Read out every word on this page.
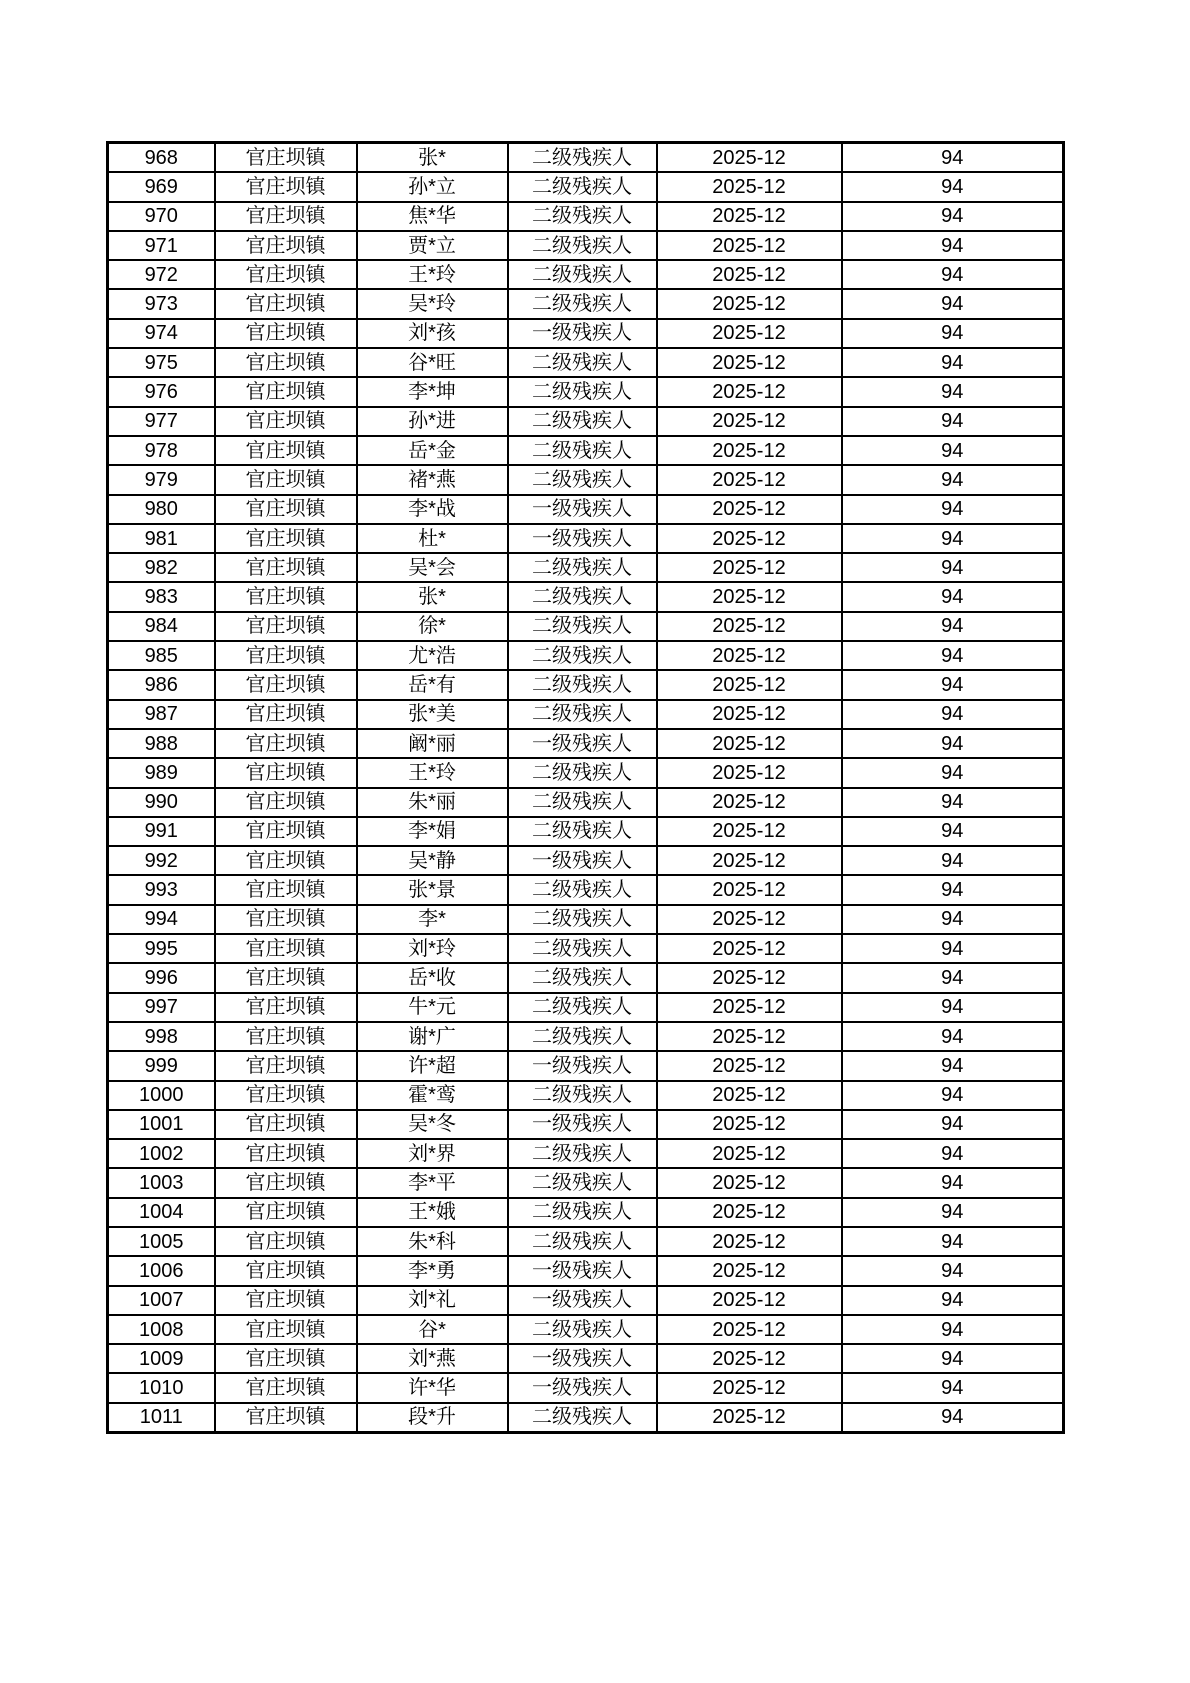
968	官庄坝镇	张*	二级残疾人	2025-12	94
969	官庄坝镇	孙*立	二级残疾人	2025-12	94
970	官庄坝镇	焦*华	二级残疾人	2025-12	94
971	官庄坝镇	贾*立	二级残疾人	2025-12	94
972	官庄坝镇	王*玲	二级残疾人	2025-12	94
973	官庄坝镇	吴*玲	二级残疾人	2025-12	94
974	官庄坝镇	刘*孩	一级残疾人	2025-12	94
975	官庄坝镇	谷*旺	二级残疾人	2025-12	94
976	官庄坝镇	李*坤	二级残疾人	2025-12	94
977	官庄坝镇	孙*进	二级残疾人	2025-12	94
978	官庄坝镇	岳*金	二级残疾人	2025-12	94
979	官庄坝镇	褚*燕	二级残疾人	2025-12	94
980	官庄坝镇	李*战	一级残疾人	2025-12	94
981	官庄坝镇	杜*	一级残疾人	2025-12	94
982	官庄坝镇	吴*会	二级残疾人	2025-12	94
983	官庄坝镇	张*	二级残疾人	2025-12	94
984	官庄坝镇	徐*	二级残疾人	2025-12	94
985	官庄坝镇	尤*浩	二级残疾人	2025-12	94
986	官庄坝镇	岳*有	二级残疾人	2025-12	94
987	官庄坝镇	张*美	二级残疾人	2025-12	94
988	官庄坝镇	阚*丽	一级残疾人	2025-12	94
989	官庄坝镇	王*玲	二级残疾人	2025-12	94
990	官庄坝镇	朱*丽	二级残疾人	2025-12	94
991	官庄坝镇	李*娟	二级残疾人	2025-12	94
992	官庄坝镇	吴*静	一级残疾人	2025-12	94
993	官庄坝镇	张*景	二级残疾人	2025-12	94
994	官庄坝镇	李*	二级残疾人	2025-12	94
995	官庄坝镇	刘*玲	二级残疾人	2025-12	94
996	官庄坝镇	岳*收	二级残疾人	2025-12	94
997	官庄坝镇	牛*元	二级残疾人	2025-12	94
998	官庄坝镇	谢*广	二级残疾人	2025-12	94
999	官庄坝镇	许*超	一级残疾人	2025-12	94
1000	官庄坝镇	霍*鸾	二级残疾人	2025-12	94
1001	官庄坝镇	吴*冬	一级残疾人	2025-12	94
1002	官庄坝镇	刘*界	二级残疾人	2025-12	94
1003	官庄坝镇	李*平	二级残疾人	2025-12	94
1004	官庄坝镇	王*娥	二级残疾人	2025-12	94
1005	官庄坝镇	朱*科	二级残疾人	2025-12	94
1006	官庄坝镇	李*勇	一级残疾人	2025-12	94
1007	官庄坝镇	刘*礼	一级残疾人	2025-12	94
1008	官庄坝镇	谷*	二级残疾人	2025-12	94
1009	官庄坝镇	刘*燕	一级残疾人	2025-12	94
1010	官庄坝镇	许*华	一级残疾人	2025-12	94
1011	官庄坝镇	段*升	二级残疾人	2025-12	94
